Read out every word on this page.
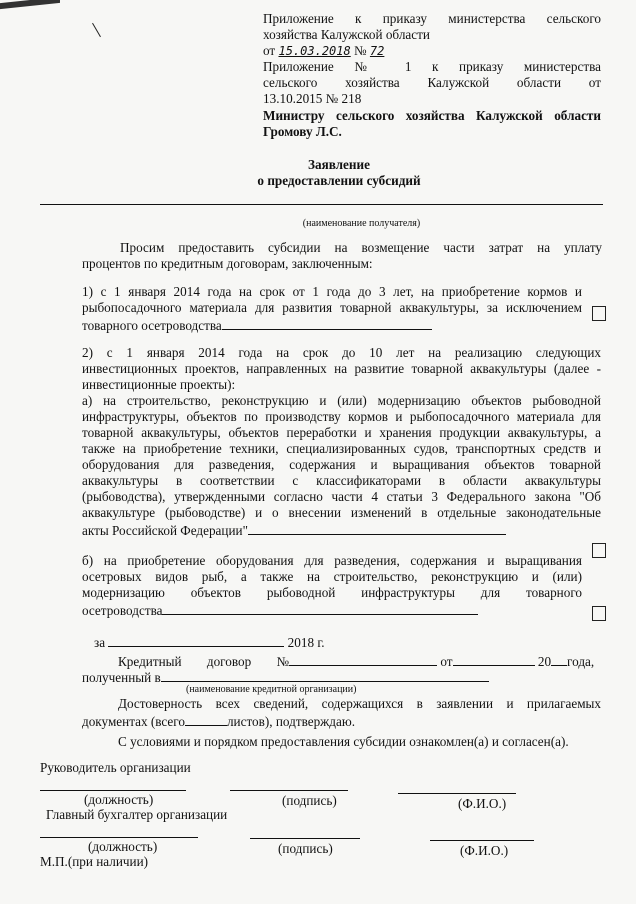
Приложение к приказу министерства сельского
хозяйства Калужской области
от 15.03.2018 № 72
Приложение № 1 к приказу министерства
сельского хозяйства Калужской области от
13.10.2015 № 218
Министру сельского хозяйства Калужской области
Громову Л.С.
Заявление
о предоставлении субсидий
(наименование получателя)
Просим предоставить субсидии на возмещение части затрат на уплату
процентов по кредитным договорам, заключенным:
1) с 1 января 2014 года на срок от 1 года до 3 лет, на приобретение кормов и
рыбопосадочного материала для развития товарной аквакультуры, за исключением
товарного осетроводства
2) с 1 января 2014 года на срок до 10 лет на реализацию следующих
инвестиционных проектов, направленных на развитие товарной аквакультуры (далее -
инвестиционные проекты):
а) на строительство, реконструкцию и (или) модернизацию объектов рыбоводной
инфраструктуры, объектов по производству кормов и рыбопосадочного материала для
товарной аквакультуры, объектов переработки и хранения продукции аквакультуры, а
также на приобретение техники, специализированных судов, транспортных средств и
оборудования для разведения, содержания и выращивания объектов товарной
аквакультуры в соответствии с классификаторами в области аквакультуры
(рыбоводства), утвержденными согласно части 4 статьи 3 Федерального закона "Об
аквакультуре (рыбоводстве) и о внесении изменений в отдельные законодательные
акты Российской Федерации"
б) на приобретение оборудования для разведения, содержания и выращивания
осетровых видов рыб, а также на строительство, реконструкцию и (или)
модернизацию объектов рыбоводной инфраструктуры для товарного
осетроводства
за	2018 г.
Кредитный договор №	от	20 года,
полученный в
(наименование кредитной организации)
Достоверность всех сведений, содержащихся в заявлении и прилагаемых
документах (всего	листов), подтверждаю.
С условиями и порядком предоставления субсидии ознакомлен(а) и согласен(а).
Руководитель организации
(должность)	(подпись)	(Ф.И.О.)
Главный бухгалтер организации
(должность)	(подпись)	(Ф.И.О.)
М.П.(при наличии)
